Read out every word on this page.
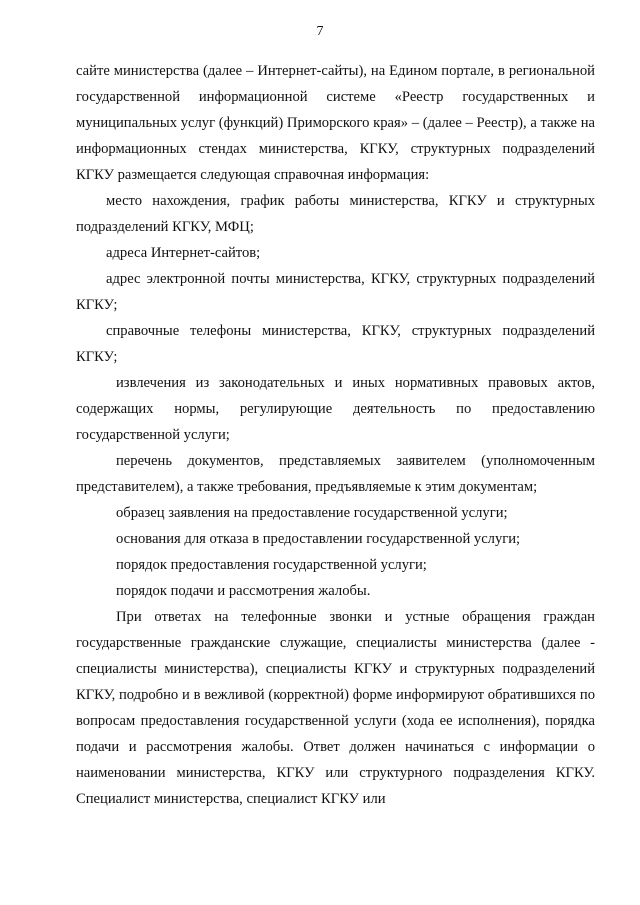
7

сайте министерства (далее – Интернет-сайты), на Едином портале, в региональной государственной информационной системе «Реестр государственных и муниципальных услуг (функций) Приморского края» – (далее – Реестр), а также на информационных стендах министерства, КГКУ, структурных подразделений КГКУ размещается следующая справочная информация:

место нахождения, график работы министерства, КГКУ и структурных подразделений КГКУ, МФЦ;

адреса Интернет-сайтов;

адрес электронной почты министерства, КГКУ, структурных подразделений КГКУ;

справочные телефоны министерства, КГКУ, структурных подразделений КГКУ;

извлечения из законодательных и иных нормативных правовых актов, содержащих нормы, регулирующие деятельность по предоставлению государственной услуги;

перечень документов, представляемых заявителем (уполномоченным представителем), а также требования, предъявляемые к этим документам;

образец заявления на предоставление государственной услуги;

основания для отказа в предоставлении государственной услуги;

порядок предоставления государственной услуги;

порядок подачи и рассмотрения жалобы.

При ответах на телефонные звонки и устные обращения граждан государственные гражданские служащие, специалисты министерства (далее - специалисты министерства), специалисты КГКУ и структурных подразделений КГКУ, подробно и в вежливой (корректной) форме информируют обратившихся по вопросам предоставления государственной услуги (хода ее исполнения), порядка подачи и рассмотрения жалобы. Ответ должен начинаться с информации о наименовании министерства, КГКУ или структурного подразделения КГКУ. Специалист министерства, специалист КГКУ или
